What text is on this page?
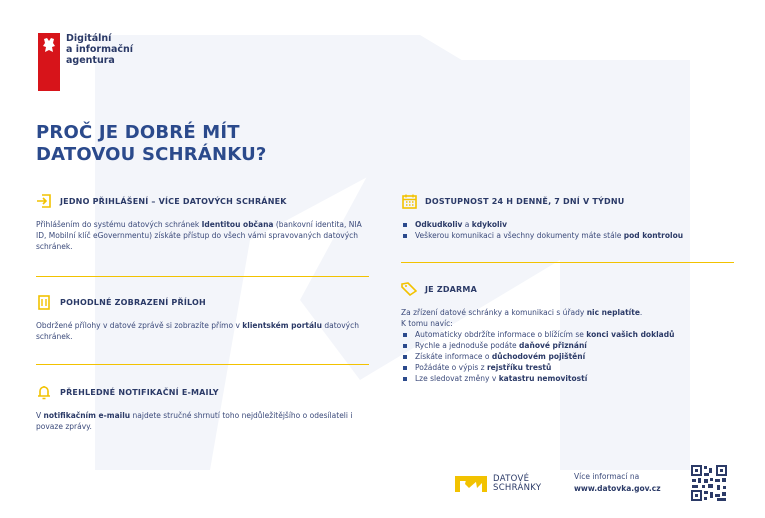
Digitální
a informační
agentura
PROČ JE DOBRÉ MÍT
DATOVOU SCHRÁNKU?
JEDNO PŘIHLÁŠENÍ – VÍCE DATOVÝCH SCHRÁNEK
Přihlášením do systému datových schránek Identitou občana (bankovní identita, NIA ID, Mobilní klíč eGovernmentu) získáte přístup do všech vámi spravovaných datových schránek.
POHODLNÉ ZOBRAZENÍ PŘÍLOH
Obdržené přílohy v datové zprávě si zobrazíte přímo v klientském portálu datových schránek.
PŘEHLEDNÉ NOTIFIKAČNÍ E-MAILY
V notifikačním e-mailu najdete stručné shrnutí toho nejdůležitějšího o odesílateli i povaze zprávy.
DOSTUPNOST 24 H DENNĚ, 7 DNÍ V TÝDNU
Odkudkoliv a kdykoliv
Veškerou komunikaci a všechny dokumenty máte stále pod kontrolou
JE ZDARMA
Za zřízení datové schránky a komunikaci s úřady nic neplatíte.
K tomu navíc:
Automaticky obdržíte informace o blížícím se konci vašich dokladů
Rychle a jednoduše podáte daňové přiznání
Získáte informace o důchodovém pojištění
Požádáte o výpis z rejstříku trestů
Lze sledovat změny v katastru nemovitostí
DATOVÉ
SCHRÁNKY
Více informací na
www.datovka.gov.cz
